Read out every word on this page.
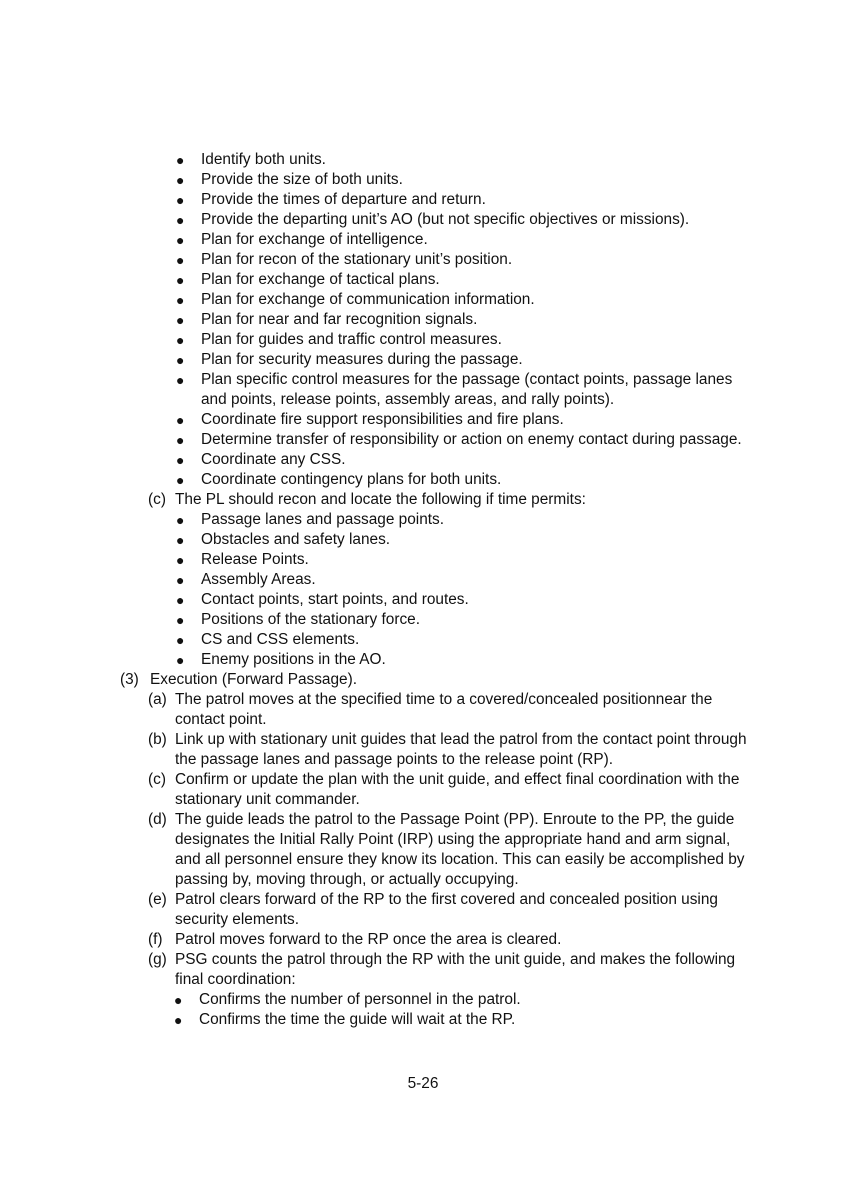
● Identify both units.
● Provide the size of both units.
● Provide the times of departure and return.
● Provide the departing unit’s AO (but not specific objectives or missions).
● Plan for exchange of intelligence.
● Plan for recon of the stationary unit’s position.
● Plan for exchange of tactical plans.
● Plan for exchange of communication information.
● Plan for near and far recognition signals.
● Plan for guides and traffic control measures.
● Plan for security measures during the passage.
● Plan specific control measures for the passage (contact points, passage lanes and points, release points, assembly areas, and rally points).
● Coordinate fire support responsibilities and fire plans.
● Determine transfer of responsibility or action on enemy contact during passage.
● Coordinate any CSS.
● Coordinate contingency plans for both units.
(c) The PL should recon and locate the following if time permits:
● Passage lanes and passage points.
● Obstacles and safety lanes.
● Release Points.
● Assembly Areas.
● Contact points, start points, and routes.
● Positions of the stationary force.
● CS and CSS elements.
● Enemy positions in the AO.
(3) Execution (Forward Passage).
(a) The patrol moves at the specified time to a covered/concealed positionnear the contact point.
(b) Link up with stationary unit guides that lead the patrol from the contact point through the passage lanes and passage points to the release point (RP).
(c) Confirm or update the plan with the unit guide, and effect final coordination with the stationary unit commander.
(d) The guide leads the patrol to the Passage Point (PP). Enroute to the PP, the guide designates the Initial Rally Point (IRP) using the appropriate hand and arm signal, and all personnel ensure they know its location. This can easily be accomplished by passing by, moving through, or actually occupying.
(e) Patrol clears forward of the RP to the first covered and concealed position using security elements.
(f) Patrol moves forward to the RP once the area is cleared.
(g) PSG counts the patrol through the RP with the unit guide, and makes the following final coordination:
● Confirms the number of personnel in the patrol.
● Confirms the time the guide will wait at the RP.
5-26
